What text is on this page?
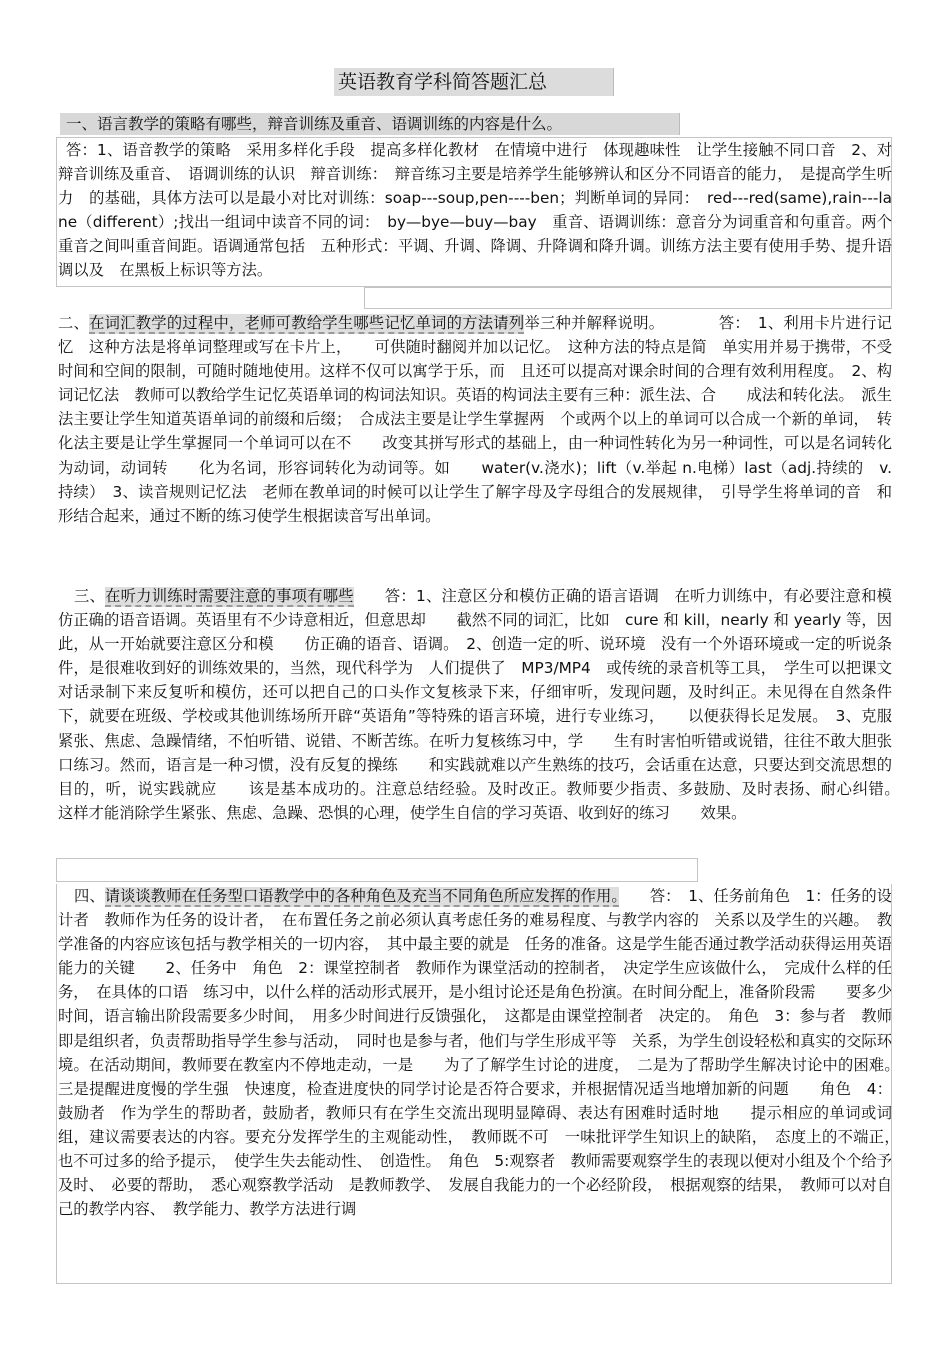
英语教育学科简答题汇总
一、语言教学的策略有哪些，辩音训练及重音、语调训练的内容是什么。
答：1、语音教学的策略　采用多样化手段　提高多样化教材　在情境中进行　体现趣味性　让学生接触不同口音　2、对辩音训练及重音、　语调训练的认识　辩音训练：　辩音练习主要是培养学生能够辨认和区分不同语音的能力，　是提高学生听力　的基础，具体方法可以是最小对比对训练：soap---soup,pen----ben；判断单词的异同：　red---red(same),rain---lane（different）;找出一组词中读音不同的词：　by—bye—buy—bay　重音、语调训练：意音分为词重音和句重音。两个重音之间叫重音间距。语调通常包括　五种形式：平调、升调、降调、升降调和降升调。训练方法主要有使用手势、提升语调以及　在黑板上标识等方法。
二、在词汇教学的过程中，老师可教给学生哪些记忆单词的方法请列举三种并解释说明。　　　　	答：　1、利用卡片进行记忆　这种方法是将单词整理或写在卡片上，　　可供随时翻阅并加以记忆。　这种方法的特点是简　单实用并易于携带，不受时间和空间的限制，可随时随地使用。这样不仅可以寓学于乐，而　且还可以提高对课余时间的合理有效利用程度。　2、构词记忆法　教师可以教给学生记忆英语单词的构词法知识。英语的构词法主要有三种：派生法、合　　成法和转化法。　派生法主要让学生知道英语单词的前缀和后缀；　合成法主要是让学生掌握两　个或两个以上的单词可以合成一个新的单词，　转化法主要是让学生掌握同一个单词可以在不　　改变其拼写形式的基础上，由一种词性转化为另一种词性，可以是名词转化为动词，动词转　　化为名词，形容词转化为动词等。如　　water(v.浇水)；lift（v.举起 n.电梯）last（adj.持续的　v. 持续）　3、读音规则记忆法　老师在教单词的时候可以让学生了解字母及字母组合的发展规律，　引导学生将单词的音　和形结合起来，通过不断的练习使学生根据读音写出单词。
三、在听力训练时需要注意的事项有哪些　　 答：1、注意区分和模仿正确的语言语调　在听力训练中，有必要注意和模仿正确的语音语调。英语里有不少诗意相近，但意思却　　截然不同的词汇，比如　cure 和 kill，nearly 和 yearly 等，因此，从一开始就要注意区分和模　　仿正确的语音、语调。　2、创造一定的听、说环境　没有一个外语环境或一定的听说条件，是很难收到好的训练效果的，当然，现代科学为　人们提供了　MP3/MP4　或传统的录音机等工具，　学生可以把课文对话录制下来反复听和模仿，还可以把自己的口头作文复核录下来，仔细审听，发现问题，及时纠正。未见得在自然条件　　　下，就要在班级、学校或其他训练场所开辟“英语角”等特殊的语言环境，进行专业练习，　　以便获得长足发展。　3、克服紧张、焦虑、急躁情绪，不怕听错、说错、不断苦练。在听力复核练习中，学　　生有时害怕听错或说错，往往不敢大胆张口练习。然而，语言是一种习惯，没有反复的操练　　和实践就难以产生熟练的技巧，会话重在达意，只要达到交流思想的目的，听，说实践就应　　该是基本成功的。注意总结经验。及时改正。教师要少指责、多鼓励、及时表扬、耐心纠错。　　这样才能消除学生紧张、焦虑、急躁、恐惧的心理，使学生自信的学习英语、收到好的练习　　效果。
四、请谈谈教师在任务型口语教学中的各种角色及充当不同角色所应发挥的作用。　　 答：　1、任务前角色　1：任务的设计者　教师作为任务的设计者，　在布置任务之前必须认真考虑任务的难易程度、与教学内容的　关系以及学生的兴趣。　教学准备的内容应该包括与教学相关的一切内容，　其中最主要的就是　任务的准备。这是学生能否通过教学活动获得运用英语能力的关键　　2、任务中　角色　2：课堂控制者　教师作为课堂活动的控制者，　决定学生应该做什么，　完成什么样的任务，　在具体的口语　练习中，以什么样的活动形式展开，是小组讨论还是角色扮演。在时间分配上，准备阶段需　　要多少时间，语言输出阶段需要多少时间，　用多少时间进行反馈强化，　这都是由课堂控制者　决定的。　角色　3：参与者　教师即是组织者，负责帮助指导学生参与活动，　同时也是参与者，他们与学生形成平等　关系，为学生创设轻松和真实的交际环境。在活动期间，教师要在教室内不停地走动，一是　　为了了解学生讨论的进度，　二是为了帮助学生解决讨论中的困难。　三是提醒进度慢的学生强　快速度，检查进度快的同学讨论是否符合要求，并根据情况适当地增加新的问题　　角色　4：鼓励者　作为学生的帮助者，鼓励者，教师只有在学生交流出现明显障碍、表达有困难时适时地　　提示相应的单词或词组，建议需要表达的内容。要充分发挥学生的主观能动性，　教师既不可　一味批评学生知识上的缺陷，　态度上的不端正，　也不可过多的给予提示，　使学生失去能动性、　创造性。　角色　5:观察者　教师需要观察学生的表现以便对小组及个个给予及时、　必要的帮助，　悉心观察教学活动　是教师教学、　发展自我能力的一个必经阶段，　根据观察的结果，　教师可以对自己的教学内容、　教学能力、教学方法进行调
